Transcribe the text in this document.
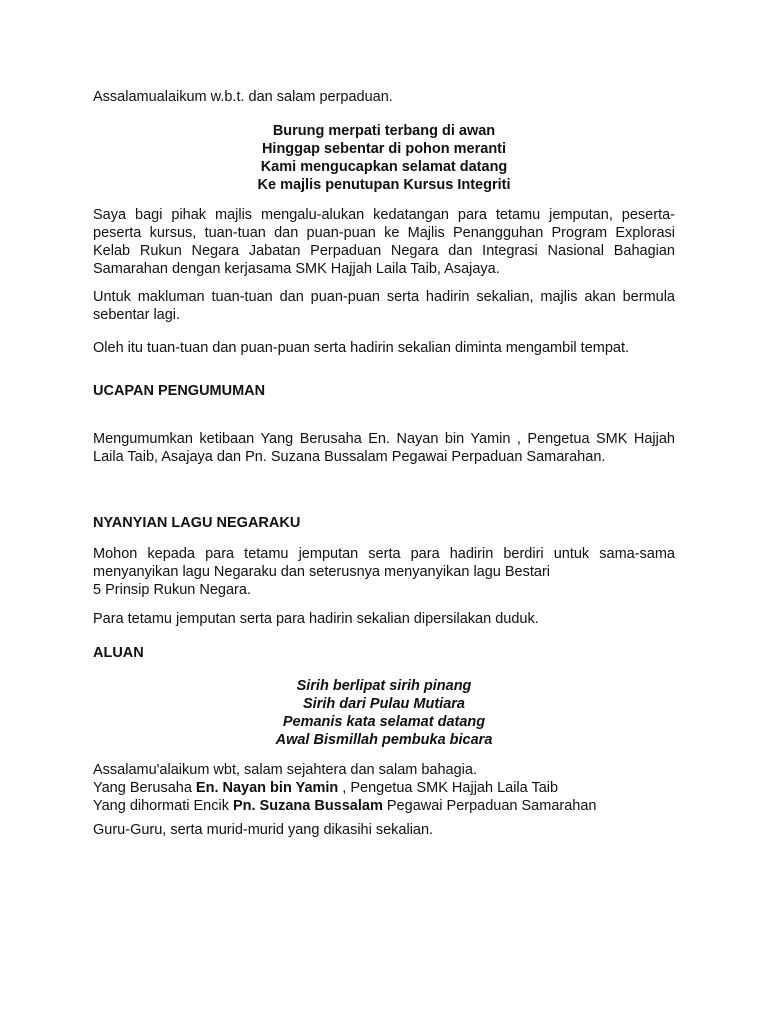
Assalamualaikum w.b.t. dan salam perpaduan.

Burung merpati terbang di awan
Hinggap sebentar di pohon meranti
Kami mengucapkan selamat datang
Ke majlis penutupan Kursus Integriti

Saya bagi pihak majlis mengalu-alukan kedatangan para tetamu jemputan, peserta-peserta kursus, tuan-tuan dan puan-puan ke Majlis Penangguhan Program Explorasi Kelab Rukun Negara Jabatan Perpaduan Negara dan Integrasi Nasional Bahagian Samarahan dengan kerjasama SMK Hajjah Laila Taib, Asajaya.

Untuk makluman tuan-tuan dan puan-puan serta hadirin sekalian, majlis akan bermula sebentar lagi.

Oleh itu tuan-tuan dan puan-puan serta hadirin sekalian diminta mengambil tempat.

UCAPAN PENGUMUMAN

Mengumumkan ketibaan Yang Berusaha En. Nayan bin Yamin , Pengetua SMK Hajjah Laila Taib, Asajaya dan Pn. Suzana Bussalam Pegawai Perpaduan Samarahan.

NYANYIAN LAGU NEGARAKU
Mohon kepada para tetamu jemputan serta para hadirin berdiri untuk sama-sama menyanyikan lagu Negaraku dan seterusnya menyanyikan lagu Bestari
5 Prinsip Rukun Negara.

Para tetamu jemputan serta para hadirin sekalian dipersilakan duduk.

ALUAN
Sirih berlipat sirih pinang
Sirih dari Pulau Mutiara
Pemanis kata selamat datang
Awal Bismillah pembuka bicara
Assalamu'alaikum wbt, salam sejahtera dan salam bahagia.
Yang Berusaha En. Nayan bin Yamin , Pengetua SMK Hajjah Laila Taib
Yang dihormati Encik Pn. Suzana Bussalam Pegawai Perpaduan Samarahan

Guru-Guru, serta murid-murid yang dikasihi sekalian.
